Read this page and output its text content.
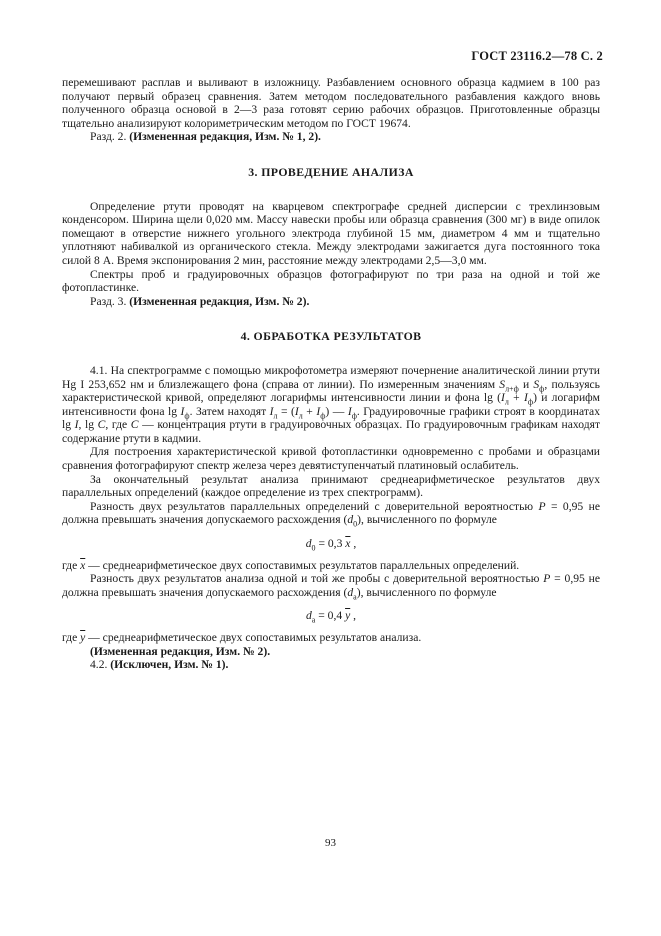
ГОСТ 23116.2—78 С. 2

перемешивают расплав и выливают в изложницу. Разбавлением основного образца кадмием в 100 раз получают первый образец сравнения. Затем методом последовательного разбавления каждого вновь полученного образца основой в 2—3 раза готовят серию рабочих образцов. Приготовленные образцы тщательно анализируют колориметрическим методом по ГОСТ 19674.

Разд. 2. (Измененная редакция, Изм. № 1, 2).

3. ПРОВЕДЕНИЕ АНАЛИЗА

Определение ртути проводят на кварцевом спектрографе средней дисперсии с трехлинзовым конденсором. Ширина щели 0,020 мм. Массу навески пробы или образца сравнения (300 мг) в виде опилок помещают в отверстие нижнего угольного электрода глубиной 15 мм, диаметром 4 мм и тщательно уплотняют набивалкой из органического стекла. Между электродами зажигается дуга постоянного тока силой 8 А. Время экспонирования 2 мин, расстояние между электродами 2,5—3,0 мм.

Спектры проб и градуировочных образцов фотографируют по три раза на одной и той же фотопластинке.

Разд. 3. (Измененная редакция, Изм. № 2).

4. ОБРАБОТКА РЕЗУЛЬТАТОВ

4.1. На спектрограмме с помощью микрофотометра измеряют почернение аналитической линии ртути Hg I 253,652 нм и близлежащего фона (справа от линии). По измеренным значениям $S_{л+ф}$ и $S_ф$, пользуясь характеристической кривой, определяют логарифмы интенсивности линии и фона $\lg (I_л + I_ф)$ и логарифм интенсивности фона $\lg I_ф$. Затем находят $I_л = (I_л + I_ф)$ — $I_ф$. Градуировочные графики строят в координатах lg I, lg C, где C — концентрация ртути в градуировочных образцах. По градуировочным графикам находят содержание ртути в кадмии.

Для построения характеристической кривой фотопластинки одновременно с пробами и образцами сравнения фотографируют спектр железа через девятиступенчатый платиновый ослабитель.

За окончательный результат анализа принимают среднеарифметическое результатов двух параллельных определений (каждое определение из трех спектрограмм).

Разность двух результатов параллельных определений с доверительной вероятностью P = 0,95 не должна превышать значения допускаемого расхождения $(d_0)$, вычисленного по формуле

$d_0 = 0,3$ $\overline{x}$ ,

где $\overline{x}$ — среднеарифметическое двух сопоставимых результатов параллельных определений.

Разность двух результатов анализа одной и той же пробы с доверительной вероятностью P = 0,95 не должна превышать значения допускаемого расхождения $(d_а)$, вычисленного по формуле

$d_а = 0,4$ $\overline{y}$ ,

где $\overline{y}$ — среднеарифметическое двух сопоставимых результатов анализа.

(Измененная редакция, Изм. № 2).

4.2. (Исключен, Изм. № 1).

93
